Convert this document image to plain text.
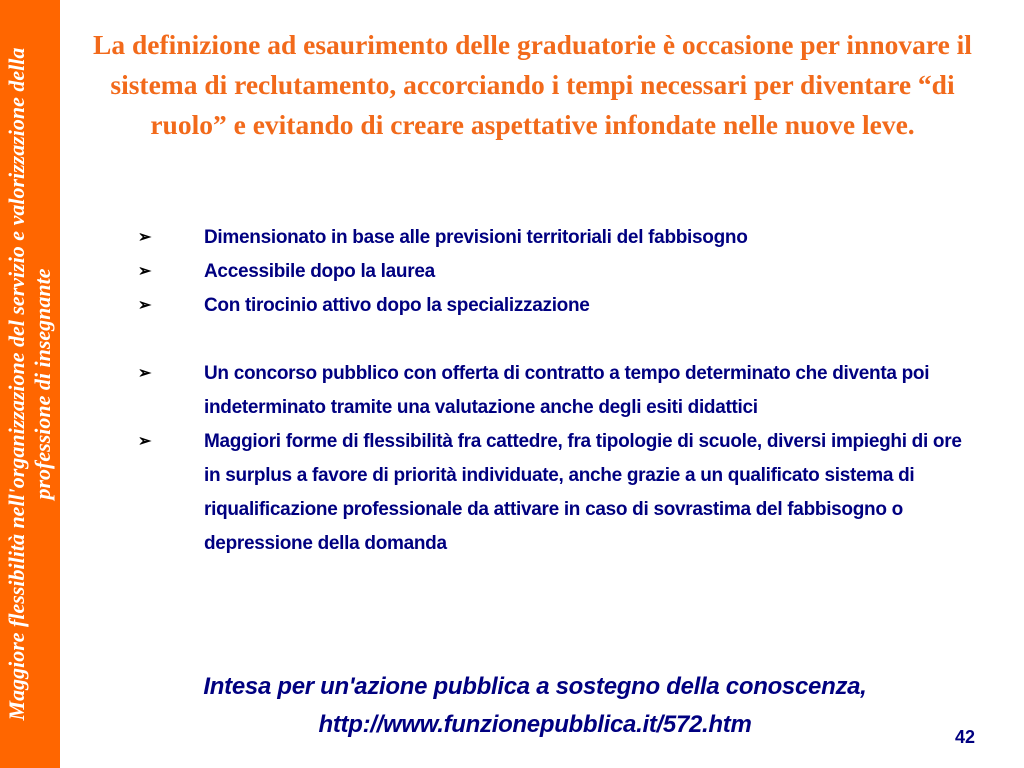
Maggiore flessibilità nell'organizzazione del servizio e valorizzazione della professione di insegnante
La definizione ad esaurimento delle graduatorie è occasione per innovare il sistema di reclutamento, accorciando i tempi necessari per diventare “di ruolo” e evitando di creare aspettative infondate nelle nuove leve.
➢	Dimensionato in base alle previsioni territoriali del fabbisogno
➢	Accessibile dopo la laurea
➢	Con tirocinio attivo dopo la specializzazione
➢	Un concorso pubblico con offerta di contratto a tempo determinato che diventa poi indeterminato tramite una valutazione anche degli esiti didattici
➢	Maggiori forme di flessibilità fra cattedre, fra tipologie di scuole, diversi impieghi di ore in surplus a favore di priorità individuate, anche grazie a un qualificato sistema di riqualificazione professionale da attivare in caso di sovrastima del fabbisogno o depressione della domanda
Intesa per un'azione pubblica a sostegno della conoscenza,
http://www.funzionepubblica.it/572.htm	42
